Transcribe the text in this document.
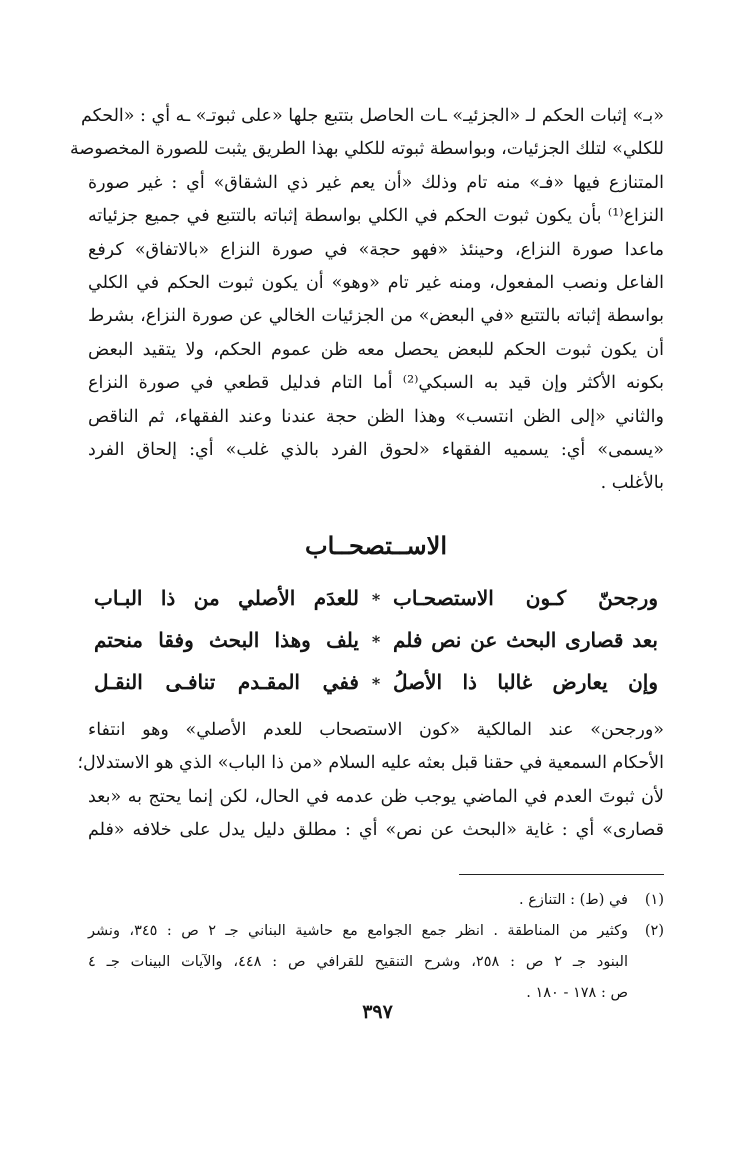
«بـ» إثبات الحكم لـ «الجزئيـ» ـات الحاصل بتتبع جلها «على ثبوتـ» ـه أي : «الحكم
للكلي» لتلك الجزئيات، وبواسطة ثبوته للكلي بهذا الطريق يثبت للصورة المخصوصة
المتنازع فيها «فـ» منه تام وذلك «أن يعم غير ذي الشقاق» أي : غير صورة
النزاع⁽¹⁾ بأن يكون ثبوت الحكم في الكلي بواسطة إثباته بالتتبع في جميع جزئياته
ماعدا صورة النزاع، وحينئذ «فهو حجة» في صورة النزاع «بالاتفاق» كرفع
الفاعل ونصب المفعول، ومنه غير تام «وهو» أن يكون ثبوت الحكم في الكلي
بواسطة إثباته بالتتبع «في البعض» من الجزئيات الخالي عن صورة النزاع، بشرط
أن يكون ثبوت الحكم للبعض يحصل معه ظن عموم الحكم، ولا يتقيد البعض
بكونه الأكثر وإن قيد به السبكي⁽²⁾ أما التام فدليل قطعي في صورة النزاع
والثاني «إلى الظن انتسب» وهذا الظن حجة عندنا وعند الفقهاء، ثم الناقص
«يسمى» أي: يسميه الفقهاء «لحوق الفرد بالذي غلب» أي: إلحاق الفرد
بالأغلب .

الاســتصحــاب
ورجحنّ كـون الاستصحـاب
*
للعدَم الأصلي من ذا البـاب
بعد قصارى البحث عن نص فلم
*
يلف وهذا البحث وفقا منحتم
وإن يعارض غالبا ذا الأصلُ
*
ففي المقـدم تنافـى النقـل

«ورجحن» عند المالكية «كون الاستصحاب للعدم الأصلي» وهو انتفاء
الأحكام السمعية في حقنا قبل بعثه عليه السلام «من ذا الباب» الذي هو الاستدلال؛
لأن ثبوتَ العدم في الماضي يوجب ظن عدمه في الحال، لكن إنما يحتج به «بعد
قصارى» أي : غاية «البحث عن نص» أي : مطلق دليل يدل على خلافه «فلم

(١)
في (ط) : التنازع .
(٢)
وكثير من المناطقة . انظر جمع الجوامع مع حاشية البناني جـ ٢ ص : ٣٤٥، ونشر
البنود جـ ٢ ص : ٢٥٨، وشرح التنقيح للقرافي ص : ٤٤٨، والآيات البينات جـ ٤
ص : ١٧٨ - ١٨٠ .
٣٩٧
